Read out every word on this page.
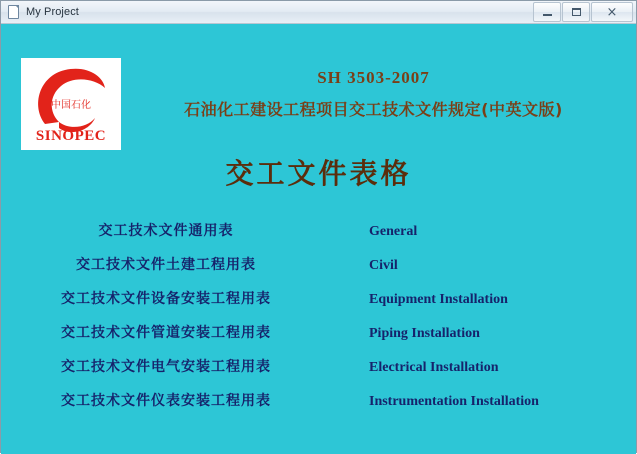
My Project	×
中国石化
SINOPEC
SH 3503-2007
石油化工建设工程项目交工技术文件规定(中英文版)
交工文件表格
交工技术文件通用表	General
交工技术文件土建工程用表	Civil
交工技术文件设备安装工程用表	Equipment Installation
交工技术文件管道安装工程用表	Piping Installation
交工技术文件电气安装工程用表	Electrical Installation
交工技术文件仪表安装工程用表	Instrumentation Installation
